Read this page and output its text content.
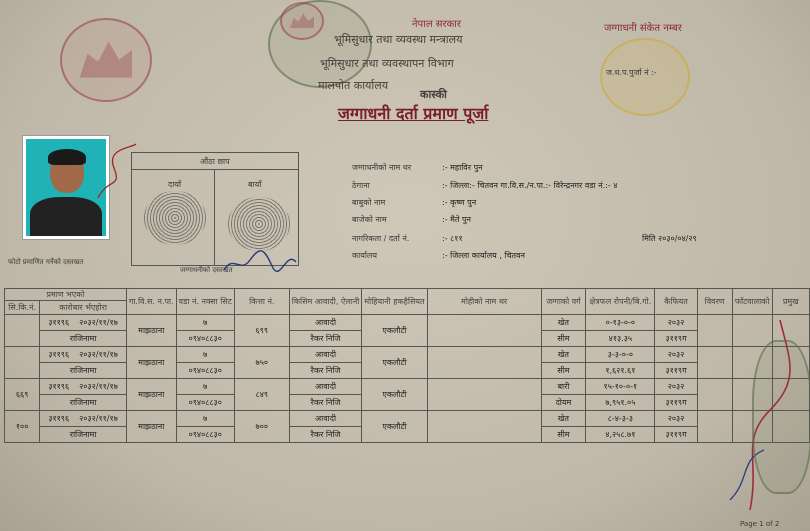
नेपाल सरकार
भूमिसुधार तथा व्यवस्था मन्त्रालय
भूमिसुधार तथा व्यवस्थापन विभाग
मालपोत कार्यालय
कास्की
जग्गाधनी दर्ता प्रमाण पूर्जा
जग्गाधनी संकेत नम्बर
ज.ध.प.पुर्जा नं :-
फोटो प्रमाणित गर्नेको दस्तखत
औंठा छाप
दायाँ	बायाँ
जग्गाधनीको दस्तखत
जग्गाधनीको नाम थर	:- महाविर पुन
ठेगाना	:- जिल्ला:- चितवन गा.वि.स./न.पा.:- विरेन्द्रनगर वडा नं.:- ४
बाबुको नाम	:- कृष्ण पुन
बाजेको नाम	:- मैते पुन
नागरिकता / दर्ता नं.	:- ८११	मिति २०३०/०४/२९
कार्यालय	:- जिल्ला कार्यालय , चितवन
प्रमाण भएको		गा.वि.स. न.पा.	वडा नं. नक्सा सिट	कित्ता नं.	किसिम आवादी, ऐलानी	मोहियानी हकहैसियत	मोहीको नाम थर	जग्गाको वर्ग	क्षेत्रफल रोपनी/बि.गो.	कैफियत	विवरण	फाँटवालाको	प्रमुख
सि.कि.नं.	कारोबार र्भएहोरा												
	३११९६ २०३२/११/१७	माझठाना	७	६९९	आवादी	एकलौटी		खेत	०-१३-०-०	२०३२			
	राजिनामा		०९४०८८३०		रैकर निजि			सीम	४१३.३५	३११९ग			
	३११९६ २०३२/११/१७	माझठाना	७	७५०	आवादी	एकलौटी		खेत	३-३-०-०	२०३२			
	राजिनामा		०९४०८८३०		रैकर निजि			सीम	१,६२१.६१	३११९ग			
६६९	३११९६ २०३२/११/१७	माझठाना	७	८४९	आवादी	एकलौटी		बारी	१५-१०-०-१	२०३२			
	राजिनामा		०९४०८८३०		रैकर निजि			दोयम	७,९५१.०५	३११९ग			
१००	३११९६ २०३२/११/१७	माझठाना	७	७००	आवादी	एकलौटी		खेत	८-४-३-३	२०३२			
	राजिनामा		०९४०८८३०		रैकर निजि			सीम	४,२५८.७१	३११९ग			
Page 1 of 2
